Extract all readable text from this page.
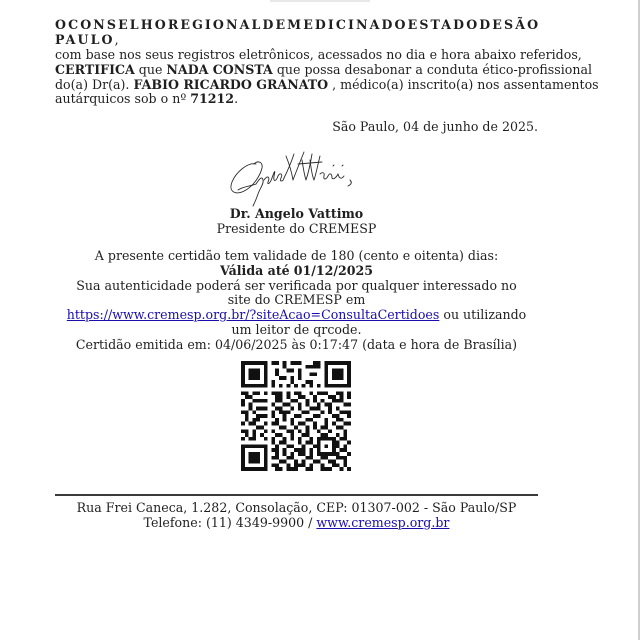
O CONSELHO REGIONAL DE MEDICINA DO ESTADO DE SÃO
PAULO,
com base nos seus registros eletrônicos, acessados no dia e hora abaixo referidos,
CERTIFICA que NADA CONSTA que possa desabonar a conduta ético-profissional
do(a) Dr(a). FABIO RICARDO GRANATO , médico(a) inscrito(a) nos assentamentos
autárquicos sob o nº 71212.
São Paulo, 04 de junho de 2025.
Dr. Angelo Vattimo
Presidente do CREMESP
A presente certidão tem validade de 180 (cento e oitenta) dias: Válida até 01/12/2025
Sua autenticidade poderá ser verificada por qualquer interessado no site do CREMESP em
https://www.cremesp.org.br/?siteAcao=ConsultaCertidoes ou utilizando um leitor de qrcode.
Certidão emitida em: 04/06/2025 às 0:17:47 (data e hora de Brasília)
Rua Frei Caneca, 1.282, Consolação, CEP: 01307-002 - São Paulo/SP
Telefone: (11) 4349-9900 / www.cremesp.org.br
